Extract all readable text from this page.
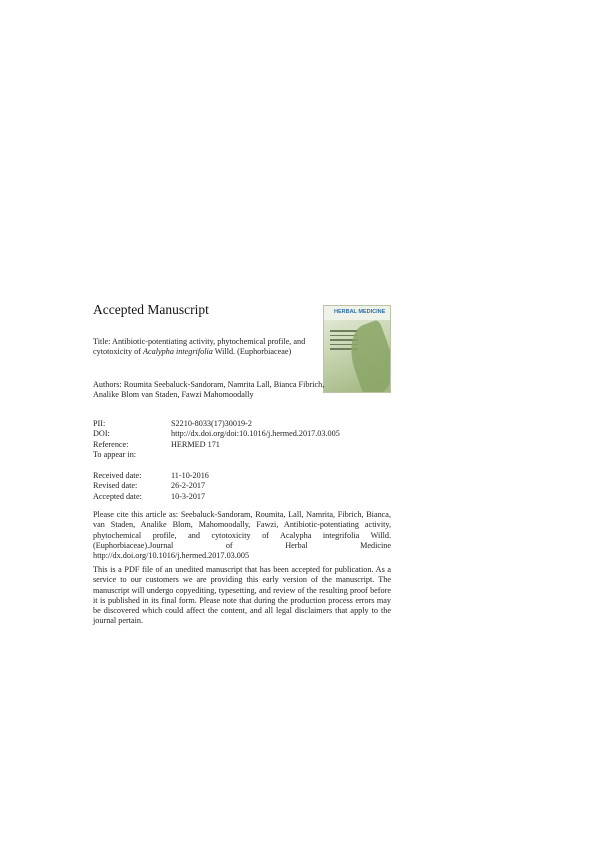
Accepted Manuscript	HERBAL MEDICINE

Title: Antibiotic-potentiating activity, phytochemical profile, and cytotoxicity of Acalypha integrifolia Willd. (Euphorbiaceae)

Authors: Roumita Seebaluck-Sandoram, Namrita Lall, Bianca Fibrich, Analike Blom van Staden, Fawzi Mahomoodally

PII:	S2210-8033(17)30019-2
DOI:	http://dx.doi.org/doi:10.1016/j.hermed.2017.03.005
Reference:	HERMED 171
To appear in:
Received date:	11-10-2016
Revised date:	26-2-2017
Accepted date:	10-3-2017

Please cite this article as: Seebaluck-Sandoram, Roumita, Lall, Namrita, Fibrich, Bianca, van Staden, Analike Blom, Mahomoodally, Fawzi, Antibiotic-potentiating activity, phytochemical profile, and cytotoxicity of Acalypha integrifolia Willd.(Euphorbiaceae).Journal of Herbal Medicine http://dx.doi.org/10.1016/j.hermed.2017.03.005

This is a PDF file of an unedited manuscript that has been accepted for publication. As a service to our customers we are providing this early version of the manuscript. The manuscript will undergo copyediting, typesetting, and review of the resulting proof before it is published in its final form. Please note that during the production process errors may be discovered which could affect the content, and all legal disclaimers that apply to the journal pertain.
